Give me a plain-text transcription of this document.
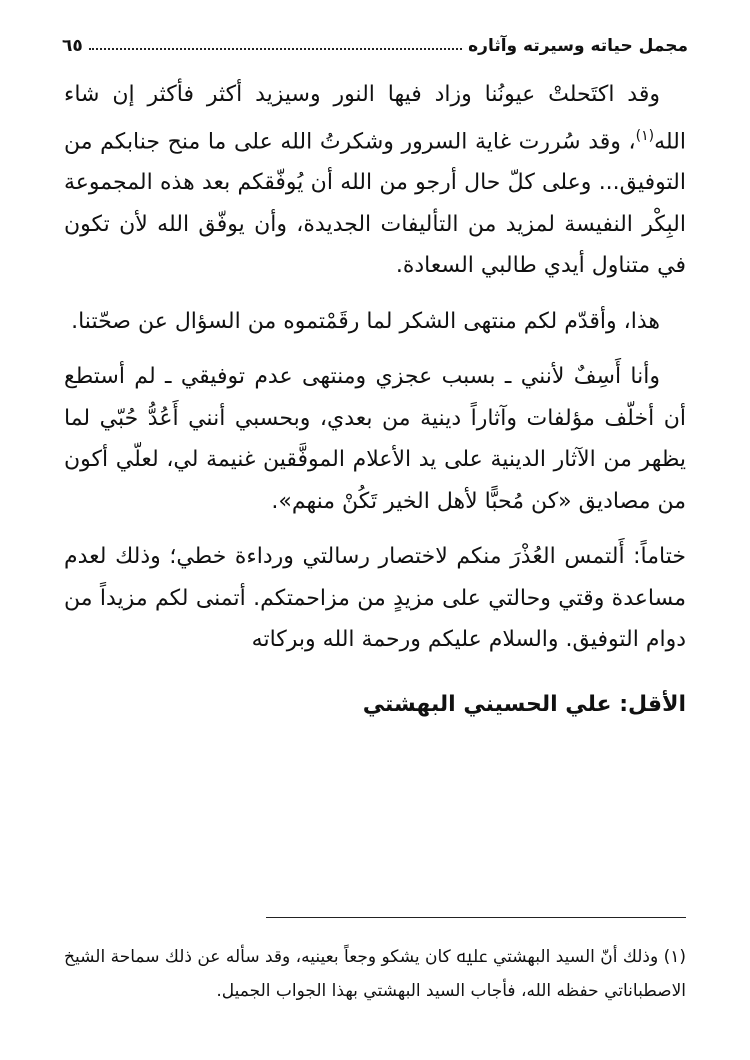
مجمل حياته وسيرته وآثاره
٦٥

وقد اكتَحلتْ عيونُنا وزاد فيها النور وسيزيد أكثر فأكثر إن شاء الله$^{(١)}$، وقد سُررت غاية السرور وشكرتُ الله على ما منح جنابكم من التوفيق... وعلى كلّ حال أرجو من الله أن يُوفّقكم بعد هذه المجموعة البِكْر النفيسة لمزيد من التأليفات الجديدة، وأن يوفّق الله لأن تكون في متناول أيدي طالبي السعادة.

هذا، وأقدّم لكم منتهى الشكر لما رقَمْتموه من السؤال عن صحّتنا.

وأنا أَسِفٌ لأنني ـ بسبب عجزي ومنتهى عدم توفيقي ـ لم أستطع أن أخلّف مؤلفات وآثاراً دينية من بعدي، وبحسبي أنني أَعُدُّ حُبّي لما يظهر من الآثار الدينية على يد الأعلام الموفَّقين غنيمة لي، لعلّي أكون من مصاديق «كن مُحبًّا لأهل الخير تَكُنْ منهم».

ختاماً: أَلتمس العُذْرَ منكم لاختصار رسالتي ورداءة خطي؛ وذلك لعدم مساعدة وقتي وحالتي على مزيدٍ من مزاحمتكم. أتمنى لكم مزيداً من دوام التوفيق. والسلام عليكم ورحمة الله وبركاته

الأقل: علي الحسيني البهشتي
(١) وذلك أنّ السيد البهشتي ﷷ كان يشكو وجعاً بعينيه، وقد سأله عن ذلك سماحة الشيخ الاصطباناتي حفظه الله، فأجاب السيد البهشتي بهذا الجواب الجميل.
